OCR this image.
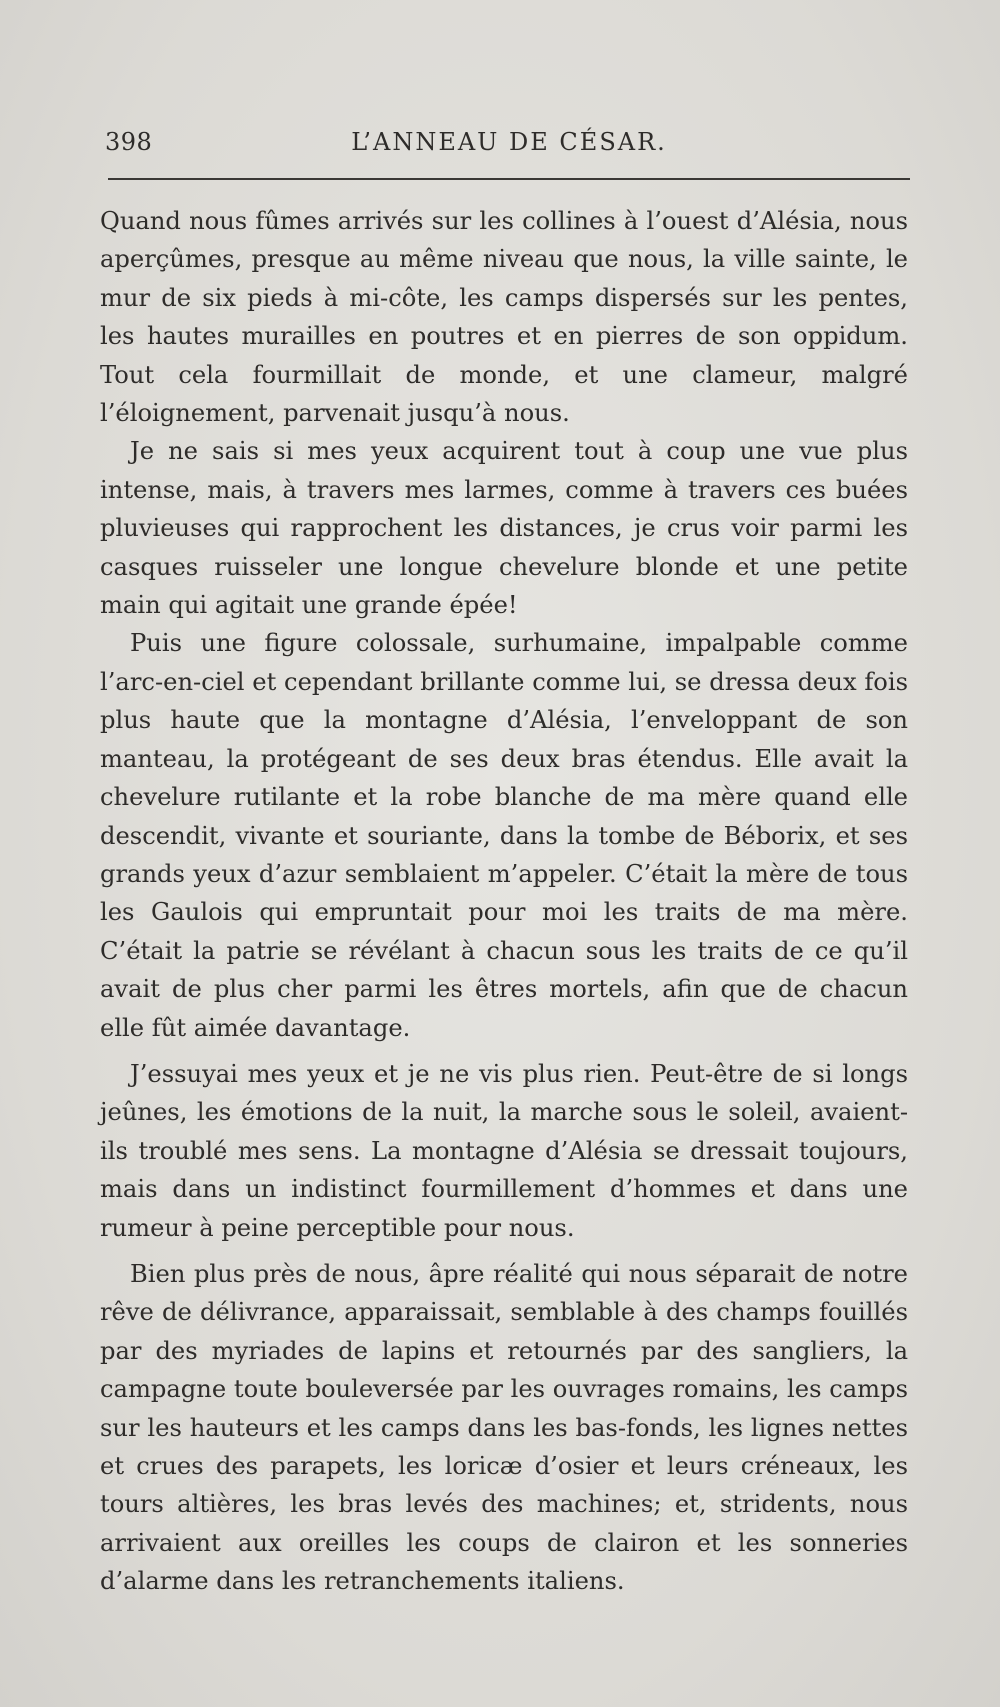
398	L’ANNEAU DE CÉSAR.

Quand nous fûmes arrivés sur les collines à l’ouest d’Alésia, nous aperçûmes, presque au même niveau que nous, la ville sainte, le mur de six pieds à mi-côte, les camps dispersés sur les pentes, les hautes murailles en poutres et en pierres de son oppidum. Tout cela fourmillait de monde, et une clameur, malgré l’éloignement, parvenait jusqu’à nous.

Je ne sais si mes yeux acquirent tout à coup une vue plus intense, mais, à travers mes larmes, comme à travers ces buées pluvieuses qui rapprochent les distances, je crus voir parmi les casques ruisseler une longue chevelure blonde et une petite main qui agitait une grande épée!

Puis une figure colossale, surhumaine, impalpable comme l’arc-en-ciel et cependant brillante comme lui, se dressa deux fois plus haute que la montagne d’Alésia, l’enveloppant de son manteau, la protégeant de ses deux bras étendus. Elle avait la chevelure rutilante et la robe blanche de ma mère quand elle descendit, vivante et souriante, dans la tombe de Béborix, et ses grands yeux d’azur semblaient m’appeler. C’était la mère de tous les Gaulois qui empruntait pour moi les traits de ma mère. C’était la patrie se révélant à chacun sous les traits de ce qu’il avait de plus cher parmi les êtres mortels, afin que de chacun elle fût aimée davantage.

J’essuyai mes yeux et je ne vis plus rien. Peut-être de si longs jeûnes, les émotions de la nuit, la marche sous le soleil, avaient-ils troublé mes sens. La montagne d’Alésia se dressait toujours, mais dans un indistinct fourmillement d’hommes et dans une rumeur à peine perceptible pour nous.

Bien plus près de nous, âpre réalité qui nous séparait de notre rêve de délivrance, apparaissait, semblable à des champs fouillés par des myriades de lapins et retournés par des sangliers, la campagne toute bouleversée par les ouvrages romains, les camps sur les hauteurs et les camps dans les bas-fonds, les lignes nettes et crues des parapets, les loricæ d’osier et leurs créneaux, les tours altières, les bras levés des machines; et, stridents, nous arrivaient aux oreilles les coups de clairon et les sonneries d’alarme dans les retranchements italiens.
